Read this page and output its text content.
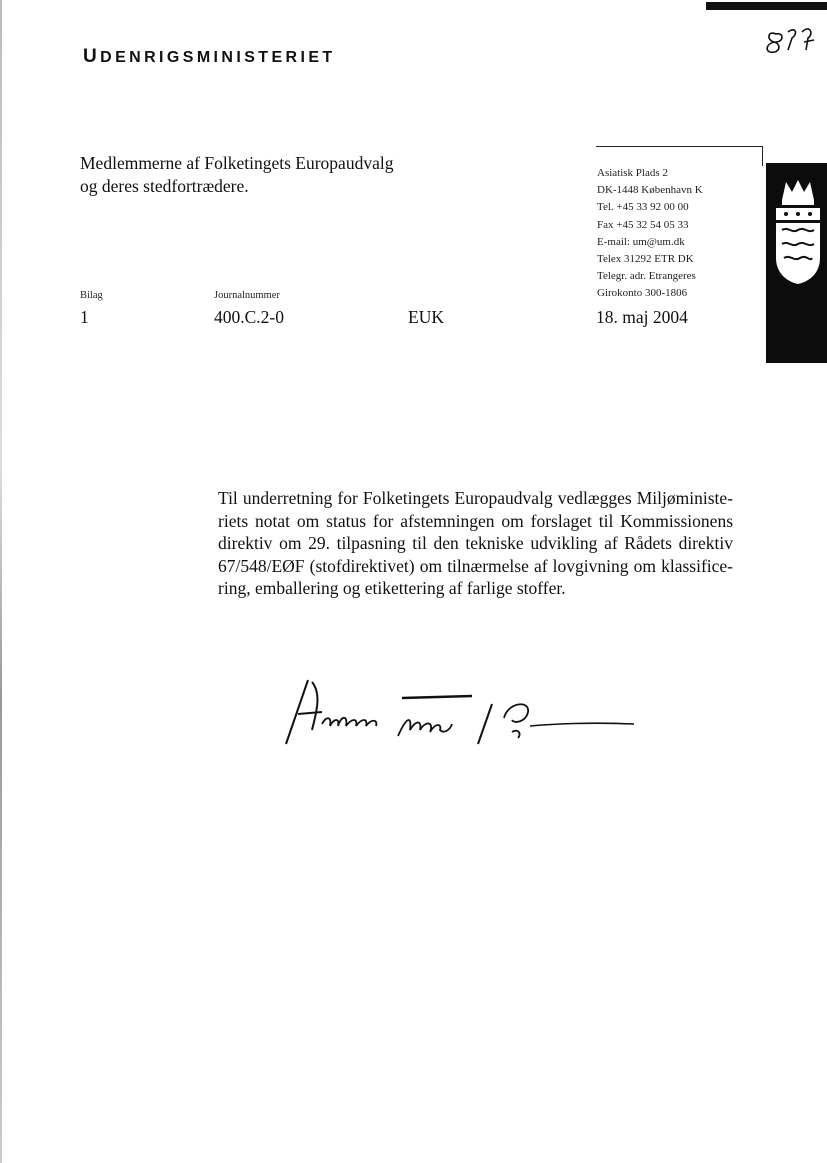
UDENRIGSMINISTERIET
Medlemmerne af Folketingets Europaudvalg
og deres stedfortrædere.
Asiatisk Plads 2
DK-1448 København K
Tel. +45 33 92 00 00
Fax +45 32 54 05 33
E-mail: um@um.dk
Telex 31292 ETR DK
Telegr. adr. Etrangeres
Girokonto 300-1806
Bilag
1
Journalnummer
400.C.2-0	EUK	18. maj 2004
Til underretning for Folketingets Europaudvalg vedlægges Miljøministe-
riets notat om status for afstemningen om forslaget til Kommissionens
direktiv om 29. tilpasning til den tekniske udvikling af Rådets direktiv
67/548/EØF (stofdirektivet) om tilnærmelse af lovgivning om klassifice-
ring, emballering og etikettering af farlige stoffer.
